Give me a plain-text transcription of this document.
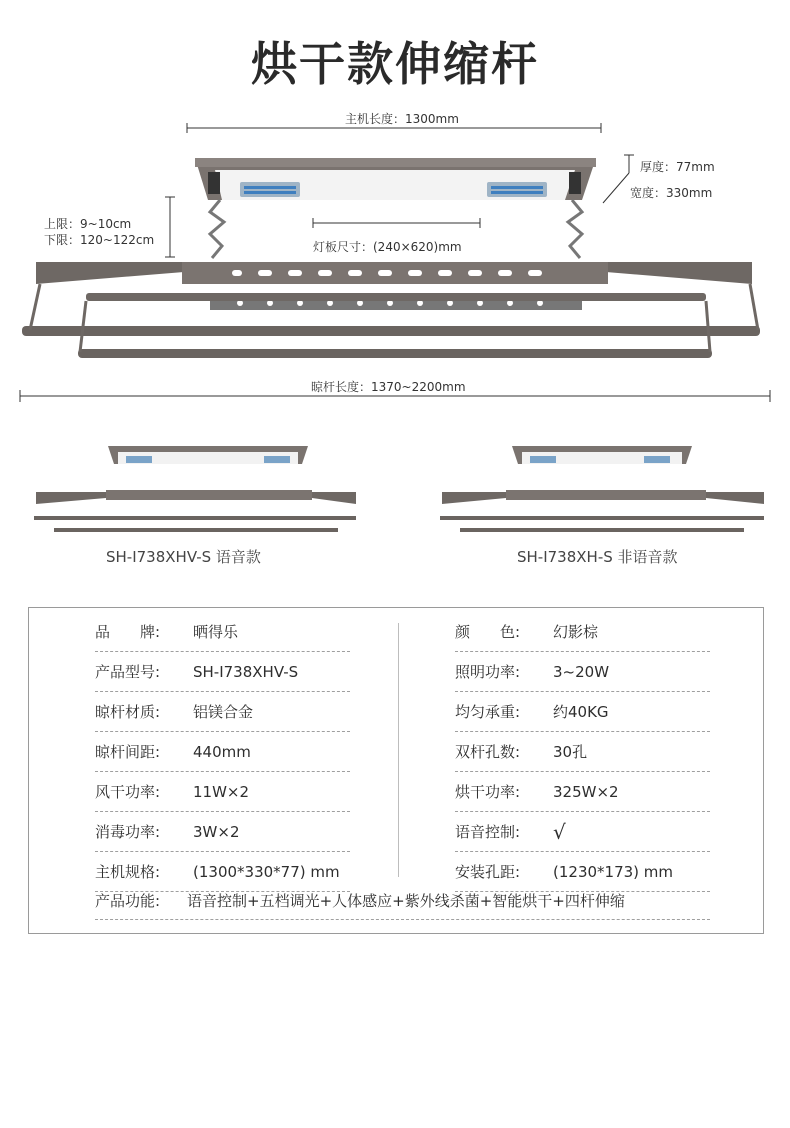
烘干款伸缩杆
主机长度：1300mm
厚度：77mm
宽度：330mm
上限：9~10cm
下限：120~122cm	灯板尺寸：(240×620)mm
晾杆长度：1370~2200mm
SH-I738XHV-S 语音款	SH-I738XH-S 非语音款
品　　牌:	晒得乐
产品型号:	SH-I738XHV-S
晾杆材质:	铝镁合金
晾杆间距:	440mm
风干功率:	11W×2
消毒功率:	3W×2
主机规格:	(1300*330*77) mm
颜　　色:	幻影棕
照明功率:	3~20W
均匀承重:	约40KG
双杆孔数:	30孔
烘干功率:	325W×2
语音控制:	√
安装孔距:	(1230*173) mm
产品功能: 语音控制+五档调光+人体感应+紫外线杀菌+智能烘干+四杆伸缩
